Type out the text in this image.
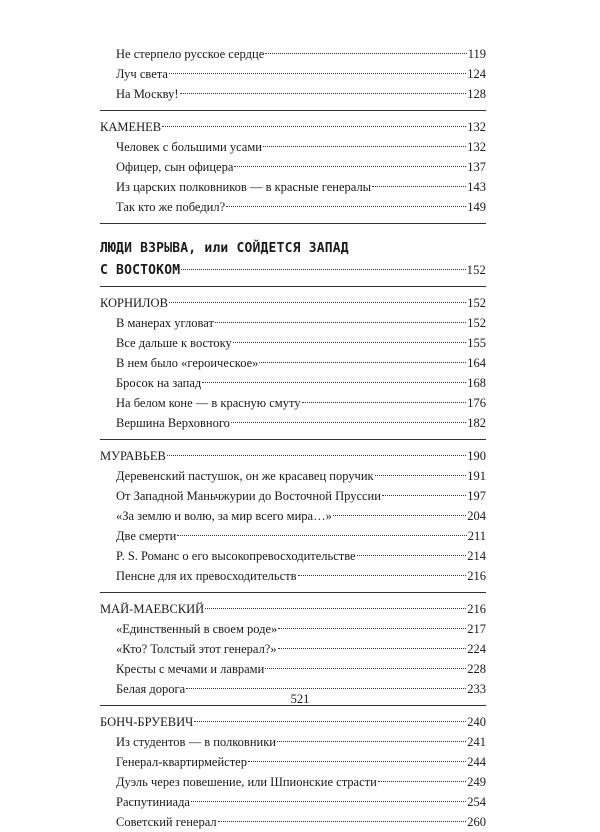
Не стерпело русское сердце	119
Луч света	124
На Москву!	128
КАМЕНЕВ	132
Человек с большими усами	132
Офицер, сын офицера	137
Из царских полковников — в красные генералы	143
Так кто же победил?	149
ЛЮДИ ВЗРЫВА, или СОЙДЕТСЯ ЗАПАД
С ВОСТОКОМ	152
КОРНИЛОВ	152
В манерах угловат	152
Все дальше к востоку	155
В нем было «героическое»	164
Бросок на запад	168
На белом коне — в красную смуту	176
Вершина Верховного	182
МУРАВЬЕВ	190
Деревенский пастушок, он же красавец поручик	191
От Западной Маньчжурии до Восточной Пруссии	197
«За землю и волю, за мир всего мира…»	204
Две смерти	211
P. S. Романс о его высокопревосходительстве	214
Пенсне для их превосходительств	216
МАЙ-МАЕВСКИЙ	216
«Единственный в своем роде»	217
«Кто? Толстый этот генерал?»	224
Кресты с мечами и лаврами	228
Белая дорога	233
БОНЧ-БРУЕВИЧ	240
Из студентов — в полковники	241
Генерал-квартирмейстер	244
Дуэль через повешение, или Шпионские страсти	249
Распутиниада	254
Советский генерал	260
521
